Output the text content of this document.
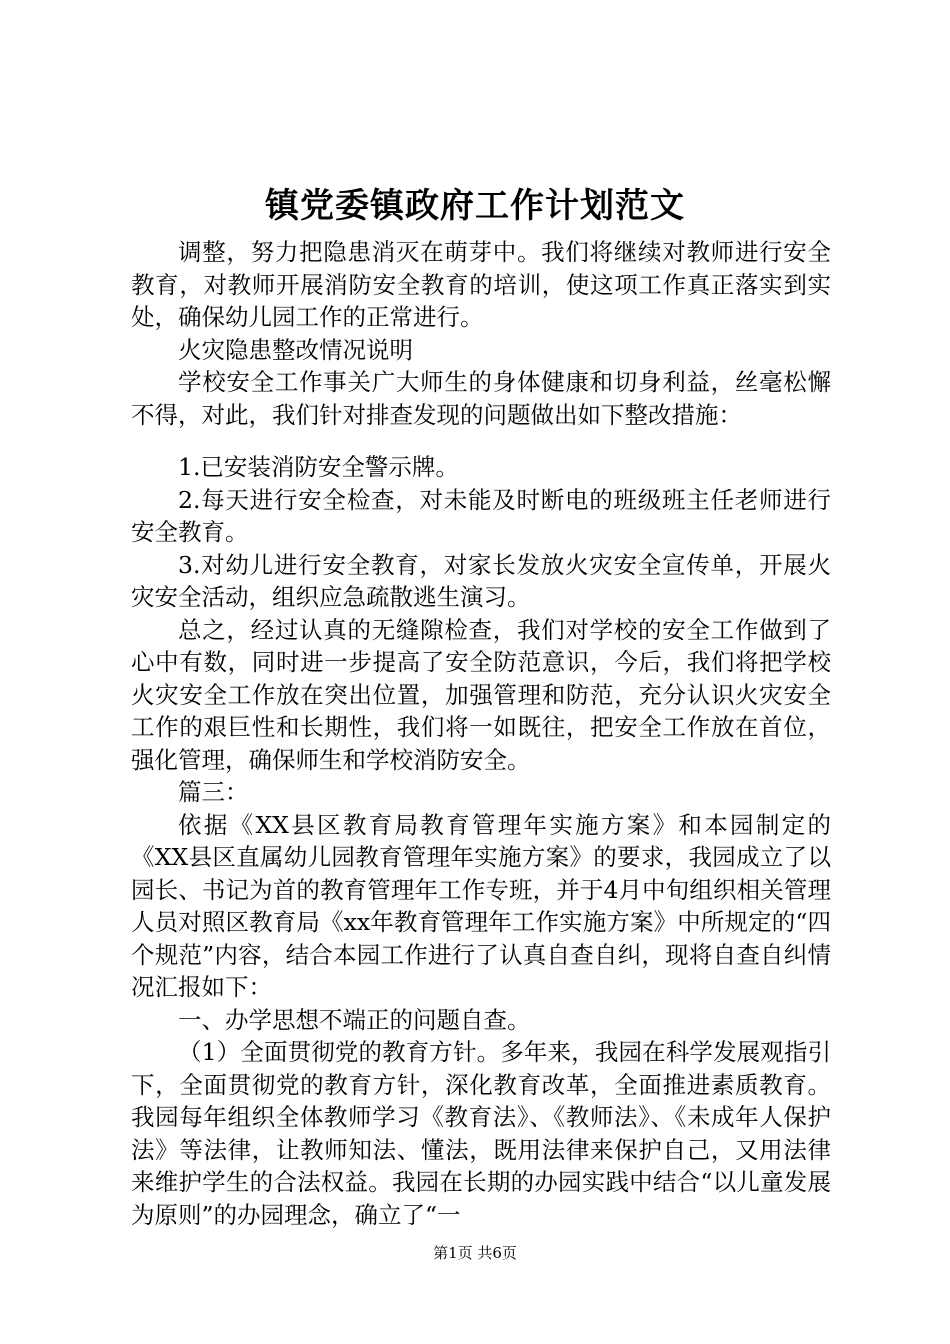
镇党委镇政府工作计划范文

调整，努力把隐患消灭在萌芽中。我们将继续对教师进行安全教育，对教师开展消防安全教育的培训，使这项工作真正落实到实处，确保幼儿园工作的正常进行。

火灾隐患整改情况说明

学校安全工作事关广大师生的身体健康和切身利益，丝毫松懈不得，对此，我们针对排查发现的问题做出如下整改措施：

1.已安装消防安全警示牌。

2.每天进行安全检查，对未能及时断电的班级班主任老师进行安全教育。

3.对幼儿进行安全教育，对家长发放火灾安全宣传单，开展火灾安全活动，组织应急疏散逃生演习。

总之，经过认真的无缝隙检查，我们对学校的安全工作做到了心中有数，同时进一步提高了安全防范意识，今后，我们将把学校火灾安全工作放在突出位置，加强管理和防范，充分认识火灾安全工作的艰巨性和长期性，我们将一如既往，把安全工作放在首位，强化管理，确保师生和学校消防安全。

篇三：

依据《XX县区教育局教育管理年实施方案》和本园制定的《XX县区直属幼儿园教育管理年实施方案》的要求，我园成立了以园长、书记为首的教育管理年工作专班，并于4月中旬组织相关管理人员对照区教育局《xx年教育管理年工作实施方案》中所规定的“四个规范”内容，结合本园工作进行了认真自查自纠，现将自查自纠情况汇报如下：

一、办学思想不端正的问题自查。

（1）全面贯彻党的教育方针。多年来，我园在科学发展观指引下，全面贯彻党的教育方针，深化教育改革，全面推进素质教育。我园每年组织全体教师学习《教育法》、《教师法》、《未成年人保护法》等法律，让教师知法、懂法，既用法律来保护自己，又用法律来维护学生的合法权益。我园在长期的办园实践中结合“以儿童发展为原则”的办园理念，确立了“一

第1页 共6页
